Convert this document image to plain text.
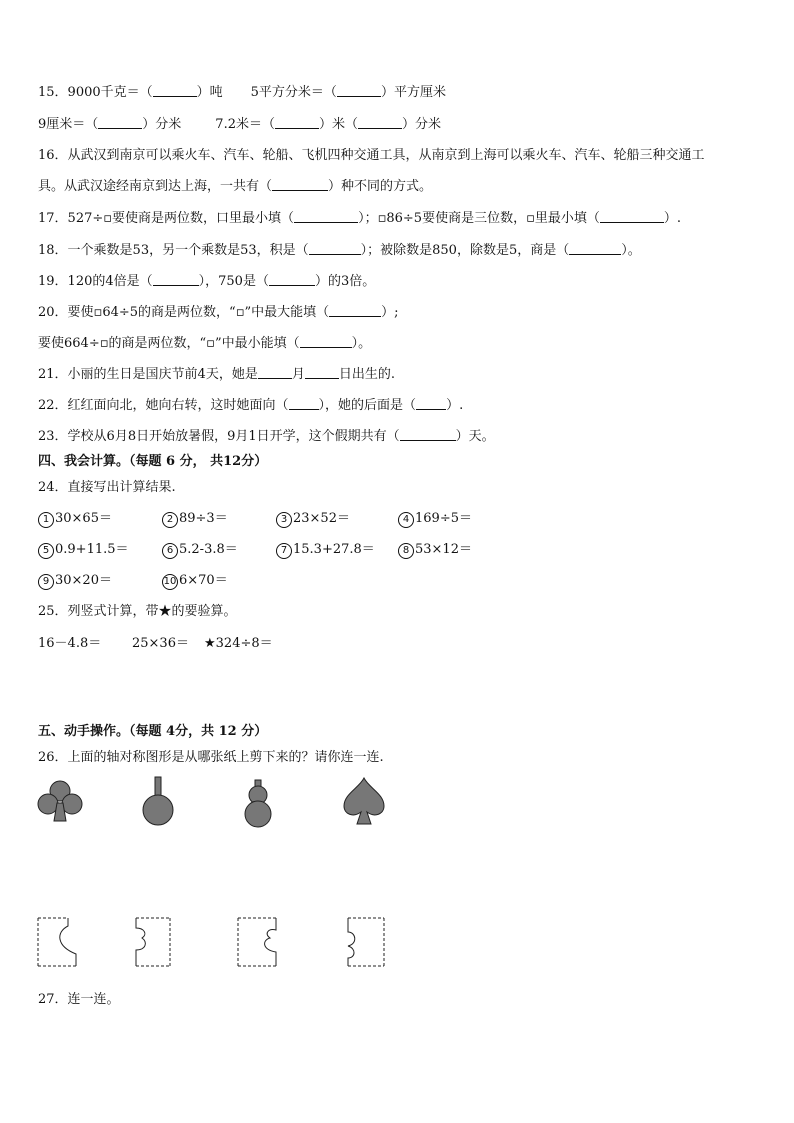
15．9000千克＝（	）吨 5平方分米＝（	）平方厘米
9厘米＝（	）分米	7.2米＝（	）米（	）分米
16．从武汉到南京可以乘火车、汽车、轮船、飞机四种交通工具，从南京到上海可以乘火车、汽车、轮船三种交通工
具。从武汉途经南京到达上海，一共有（	）种不同的方式。
17．527÷▫要使商是两位数，口里最小填（	）；▫86÷5要使商是三位数，▫里最小填（	）.
18．一个乘数是53，另一个乘数是53，积是（	）；被除数是850，除数是5，商是（	）。
19．120的4倍是（	），750是（	）的3倍。
20．要使▫64÷5的商是两位数，“▫”中最大能填（	）;
要使664÷▫的商是两位数，“▫”中最小能填（	）。
21．小丽的生日是国庆节前4天，她是	月	日出生的.
22．红红面向北，她向右转，这时她面向（ ），她的后面是（ ）.
23．学校从6月8日开始放暑假，9月1日开学，这个假期共有（	）天。
四、我会计算。（每题 6 分， 共12分）
24．直接写出计算结果.
1 30×65＝	2 89÷3＝	3 23×52＝	4 169÷5＝
5 0.9+11.5＝	6 5.2-3.8＝	7 15.3+27.8＝	8 53×12＝
9 30×20＝	10 6×70＝
25．列竖式计算，带★的要验算。
16－4.8＝ 25×36＝ ★324÷8＝
五、动手操作。（每题 4分，共 12 分）
26．上面的轴对称图形是从哪张纸上剪下来的？请你连一连.
27．连一连。
